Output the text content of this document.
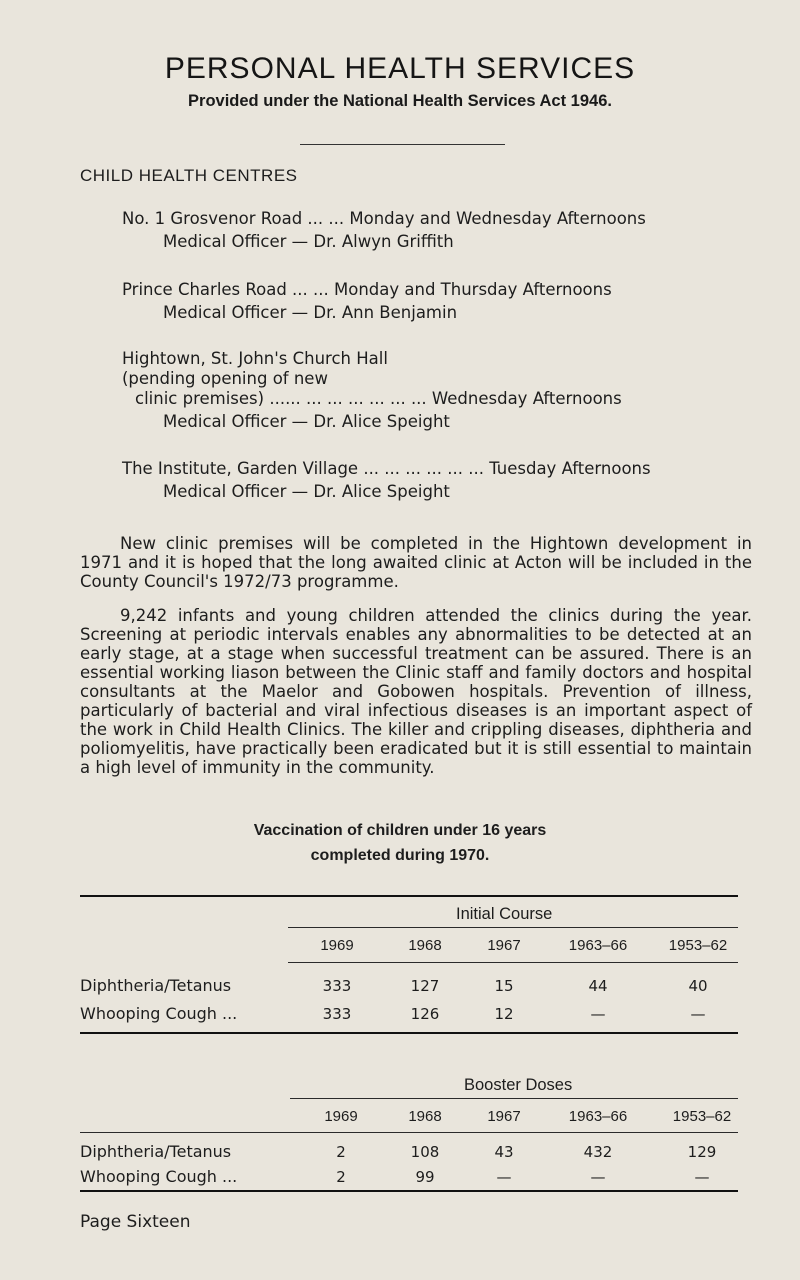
PERSONAL HEALTH SERVICES
Provided under the National Health Services Act 1946.
CHILD HEALTH CENTRES
No. 1 Grosvenor Road ... ... Monday and Wednesday Afternoons
Medical Officer — Dr. Alwyn Griffith
Prince Charles Road ... ... Monday and Thursday Afternoons
Medical Officer — Dr. Ann Benjamin
Hightown, St. John's Church Hall
(pending opening of new
clinic premises) ...... ... ... ... ... ... ... Wednesday Afternoons
Medical Officer — Dr. Alice Speight
The Institute, Garden Village ... ... ... ... ... ... Tuesday Afternoons
Medical Officer — Dr. Alice Speight
New clinic premises will be completed in the Hightown development in 1971 and it is hoped that the long awaited clinic at Acton will be included in the County Council's 1972/73 programme.
9,242 infants and young children attended the clinics during the year. Screening at periodic intervals enables any abnormalities to be detected at an early stage, at a stage when successful treatment can be assured. There is an essential working liason between the Clinic staff and family doctors and hospital consultants at the Maelor and Gobowen hospitals. Prevention of illness, particularly of bacterial and viral infectious diseases is an important aspect of the work in Child Health Clinics. The killer and crippling diseases, diphtheria and poliomyelitis, have practically been eradicated but it is still essential to maintain a high level of immunity in the community.
Vaccination of children under 16 years
completed during 1970.
Initial Course
1969	1968	1967	1963–66	1953–62
Diphtheria/Tetanus	333	127	15	44	40
Whooping Cough ...	333	126	12	—	—
Booster Doses
1969	1968	1967	1963–66	1953–62
Diphtheria/Tetanus	2	108	43	432	129
Whooping Cough ...	2	99	—	—	—
Page Sixteen
